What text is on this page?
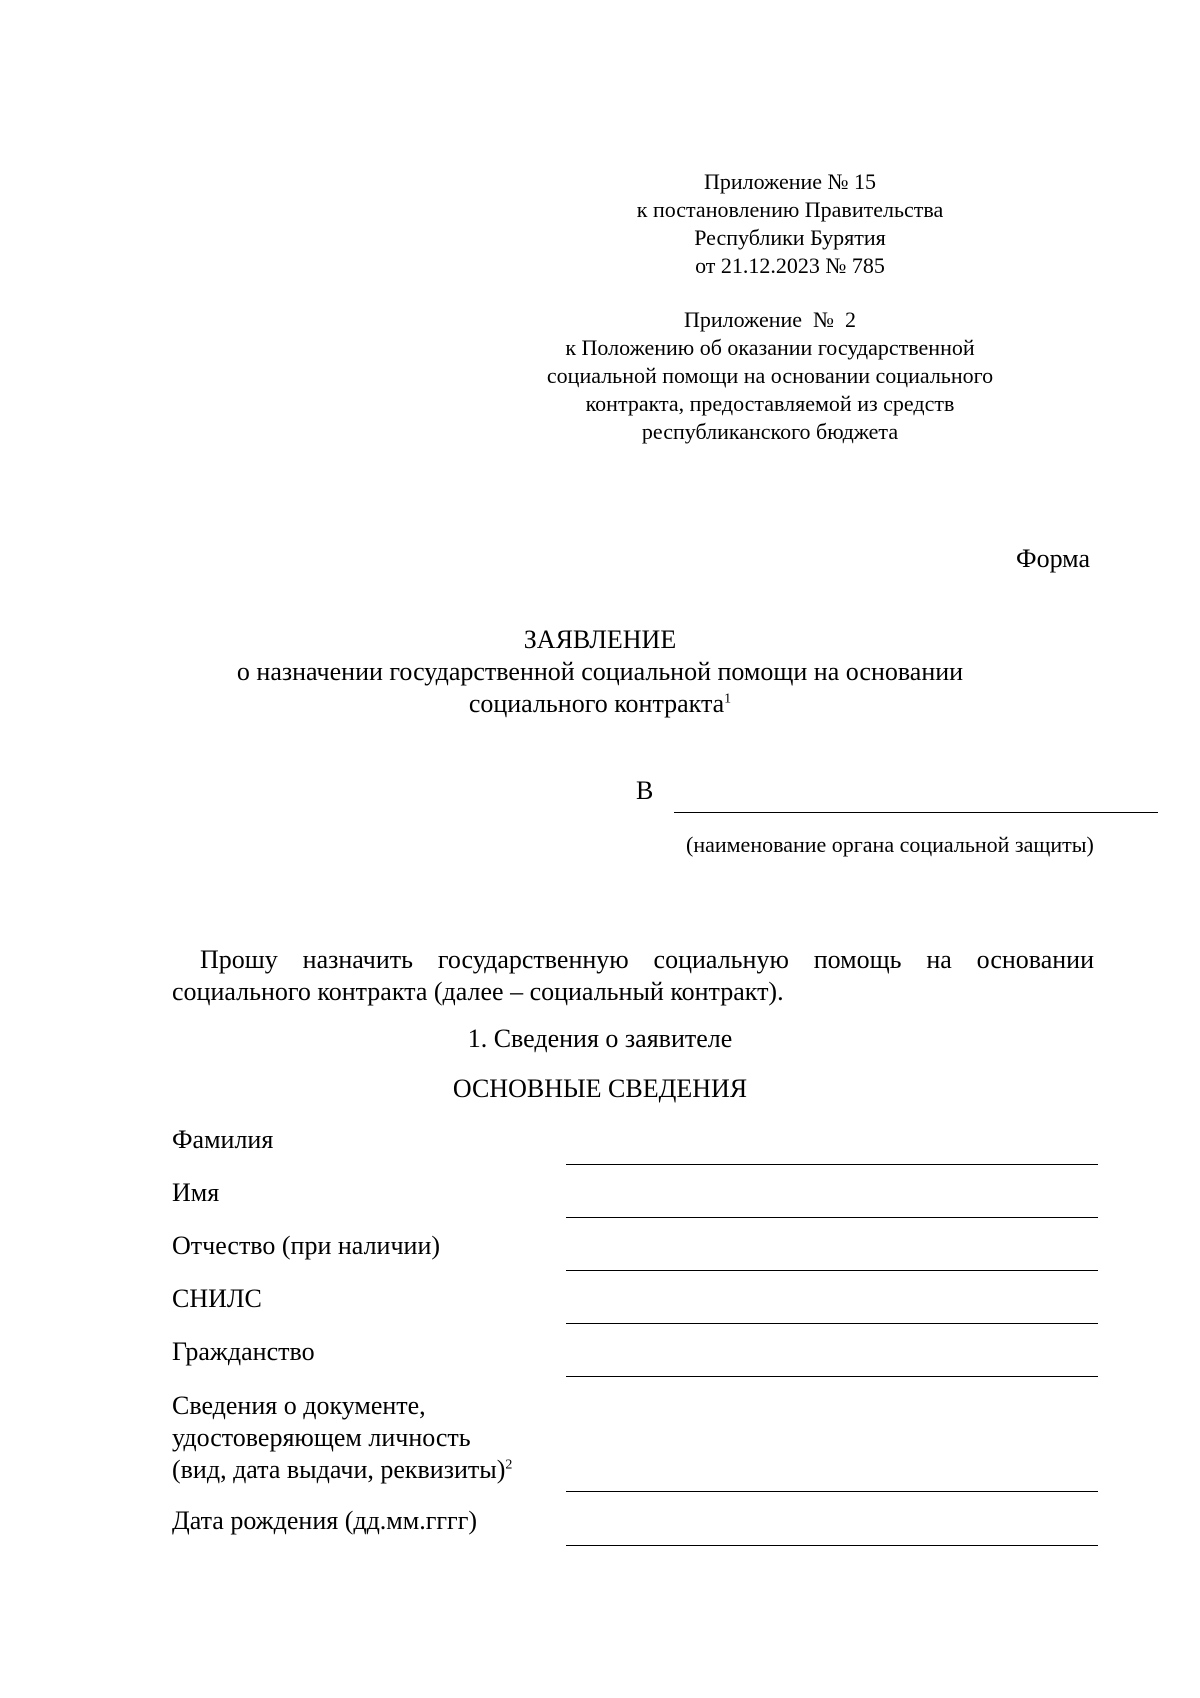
Приложение № 15
к постановлению Правительства
Республики Бурятия
от 21.12.2023 № 785
Приложение  №  2
к Положению об оказании государственной
социальной помощи на основании социального
контракта, предоставляемой из средств
республиканского бюджета
Форма
ЗАЯВЛЕНИЕ
о назначении государственной социальной помощи на основании
социального контракта$^1$
В
(наименование органа социальной защиты)
Прошу назначить государственную социальную помощь на основании социального контракта (далее – социальный контракт).
1. Сведения о заявителе
ОСНОВНЫЕ СВЕДЕНИЯ
Фамилия
Имя
Отчество (при наличии)
СНИЛС
Гражданство
Сведения о документе,
удостоверяющем личность
(вид, дата выдачи, реквизиты)$^2$
Дата рождения (дд.мм.гггг)
